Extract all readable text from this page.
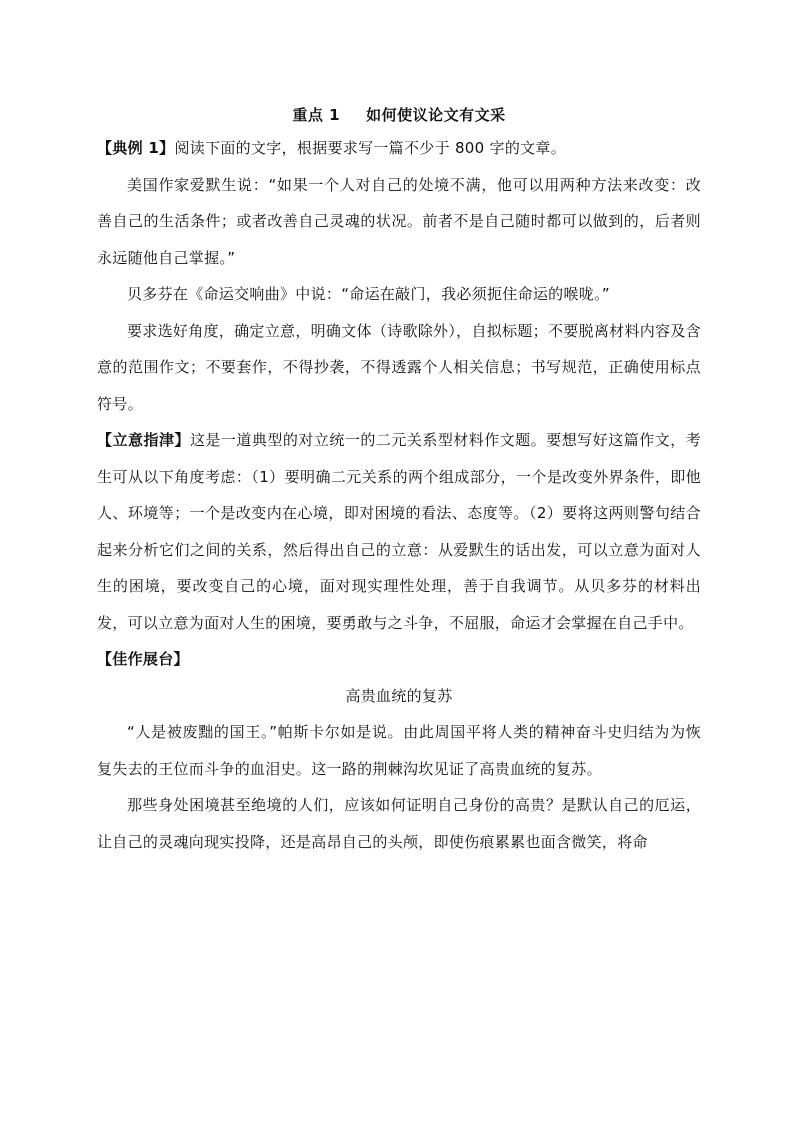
重点 1 如何使议论文有文采

【典例 1】阅读下面的文字，根据要求写一篇不少于 800 字的文章。

美国作家爱默生说：“如果一个人对自己的处境不满，他可以用两种方法来改变：改善自己的生活条件；或者改善自己灵魂的状况。前者不是自己随时都可以做到的，后者则永远随他自己掌握。”

贝多芬在《命运交响曲》中说：“命运在敲门，我必须扼住命运的喉咙。”

要求选好角度，确定立意，明确文体（诗歌除外），自拟标题；不要脱离材料内容及含意的范围作文；不要套作，不得抄袭，不得透露个人相关信息；书写规范，正确使用标点符号。

【立意指津】这是一道典型的对立统一的二元关系型材料作文题。要想写好这篇作文，考生可从以下角度考虑：（1）要明确二元关系的两个组成部分，一个是改变外界条件，即他人、环境等；一个是改变内在心境，即对困境的看法、态度等。（2）要将这两则警句结合起来分析它们之间的关系，然后得出自己的立意：从爱默生的话出发，可以立意为面对人生的困境，要改变自己的心境，面对现实理性处理，善于自我调节。从贝多芬的材料出发，可以立意为面对人生的困境，要勇敢与之斗争，不屈服，命运才会掌握在自己手中。

【佳作展台】

高贵血统的复苏

“人是被废黜的国王。”帕斯卡尔如是说。由此周国平将人类的精神奋斗史归结为为恢复失去的王位而斗争的血泪史。这一路的荆棘沟坎见证了高贵血统的复苏。

那些身处困境甚至绝境的人们，应该如何证明自己身份的高贵？是默认自己的厄运，让自己的灵魂向现实投降，还是高昂自己的头颅，即使伤痕累累也面含微笑，将命
